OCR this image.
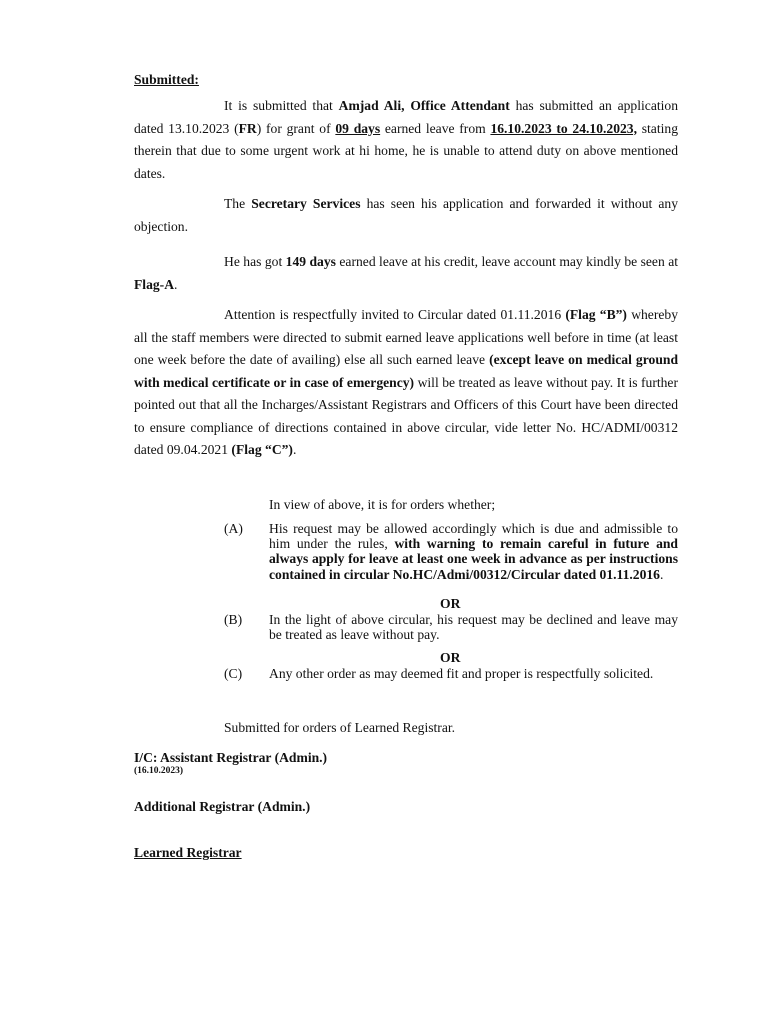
Submitted:
It is submitted that Amjad Ali, Office Attendant has submitted an application dated 13.10.2023 (FR) for grant of 09 days earned leave from 16.10.2023 to 24.10.2023, stating therein that due to some urgent work at hi home, he is unable to attend duty on above mentioned dates.
The Secretary Services has seen his application and forwarded it without any objection.
He has got 149 days earned leave at his credit, leave account may kindly be seen at Flag-A.
Attention is respectfully invited to Circular dated 01.11.2016 (Flag “B”) whereby all the staff members were directed to submit earned leave applications well before in time (at least one week before the date of availing) else all such earned leave (except leave on medical ground with medical certificate or in case of emergency) will be treated as leave without pay. It is further pointed out that all the Incharges/Assistant Registrars and Officers of this Court have been directed to ensure compliance of directions contained in above circular, vide letter No. HC/ADMI/00312 dated 09.04.2021 (Flag “C”).
In view of above, it is for orders whether;
(A) His request may be allowed accordingly which is due and admissible to him under the rules, with warning to remain careful in future and always apply for leave at least one week in advance as per instructions contained in circular No.HC/Admi/00312/Circular dated 01.11.2016.
OR
(B) In the light of above circular, his request may be declined and leave may be treated as leave without pay.
OR
(C) Any other order as may deemed fit and proper is respectfully solicited.
Submitted for orders of Learned Registrar.
I/C: Assistant Registrar (Admin.)
(16.10.2023)
Additional Registrar (Admin.)
Learned Registrar
